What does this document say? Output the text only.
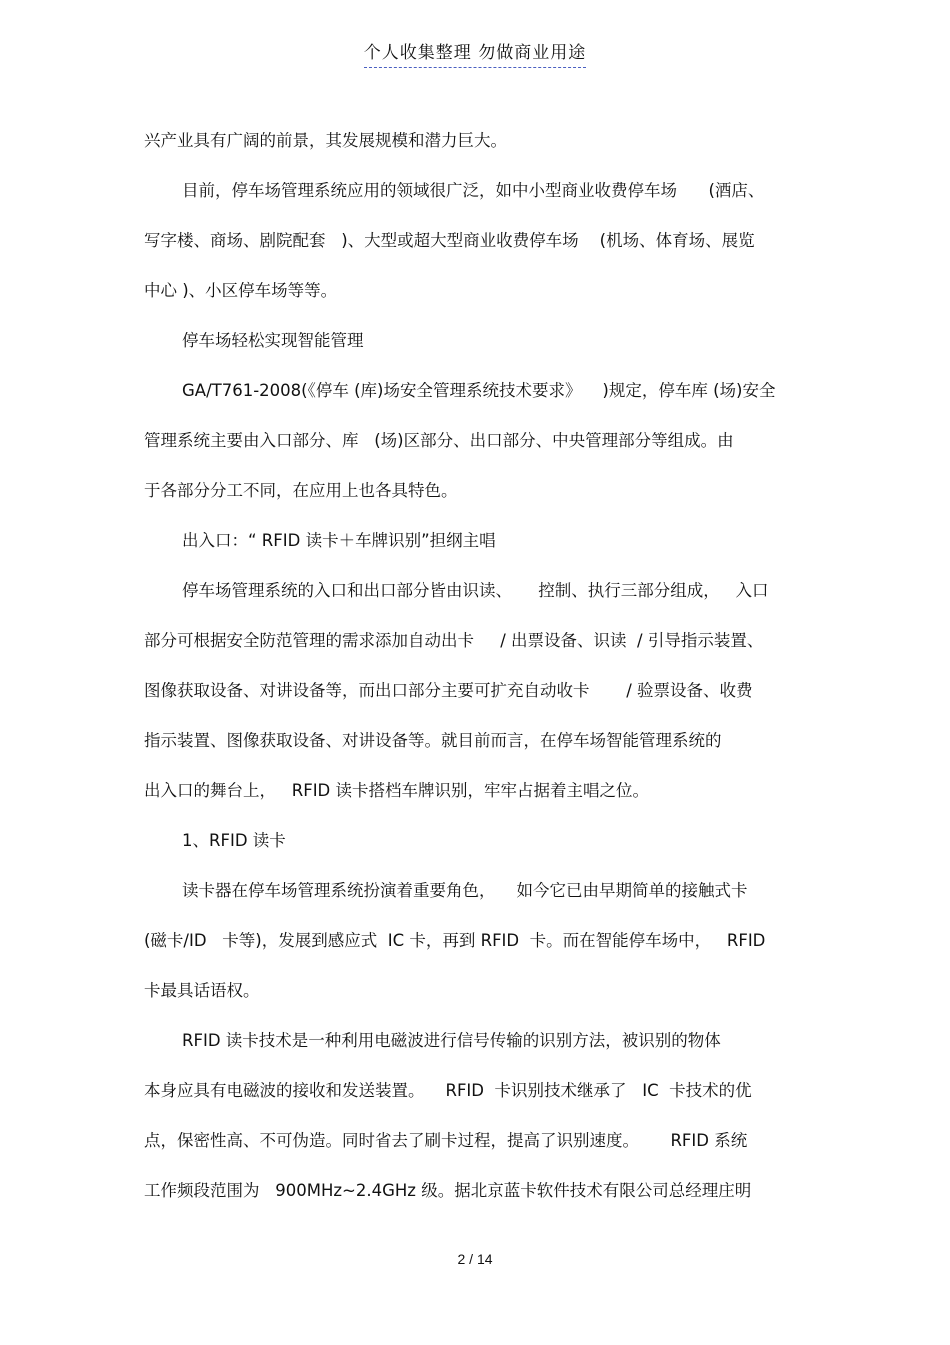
个人收集整理 勿做商业用途
兴产业具有广阔的前景，其发展规模和潜力巨大。
目前，停车场管理系统应用的领域很广泛，如中小型商业收费停车场      (酒店、
写字楼、商场、剧院配套   )、大型或超大型商业收费停车场    (机场、体育场、展览
中心 )、小区停车场等等。
停车场轻松实现智能管理
GA/T761-2008(《停车 (库)场安全管理系统技术要求》    )规定，停车库 (场)安全
管理系统主要由入口部分、库   (场)区部分、出口部分、中央管理部分等组成。由
于各部分分工不同，在应用上也各具特色。
出入口：“ RFID 读卡＋车牌识别”担纲主唱
停车场管理系统的入口和出口部分皆由识读、     控制、执行三部分组成，   入口
部分可根据安全防范管理的需求添加自动出卡     / 出票设备、识读  / 引导指示装置、
图像获取设备、对讲设备等，而出口部分主要可扩充自动收卡       / 验票设备、收费
指示装置、图像获取设备、对讲设备等。就目前而言，在停车场智能管理系统的
出入口的舞台上，   RFID 读卡搭档车牌识别，牢牢占据着主唱之位。
1、RFID 读卡
读卡器在停车场管理系统扮演着重要角色，    如今它已由早期简单的接触式卡
(磁卡/ID   卡等)，发展到感应式  IC 卡，再到 RFID  卡。而在智能停车场中，   RFID
卡最具话语权。
RFID 读卡技术是一种利用电磁波进行信号传输的识别方法，被识别的物体
本身应具有电磁波的接收和发送装置。    RFID  卡识别技术继承了   IC  卡技术的优
点，保密性高、不可伪造。同时省去了刷卡过程，提高了识别速度。      RFID 系统
工作频段范围为   900MHz~2.4GHz 级。据北京蓝卡软件技术有限公司总经理庄明
2 / 14
